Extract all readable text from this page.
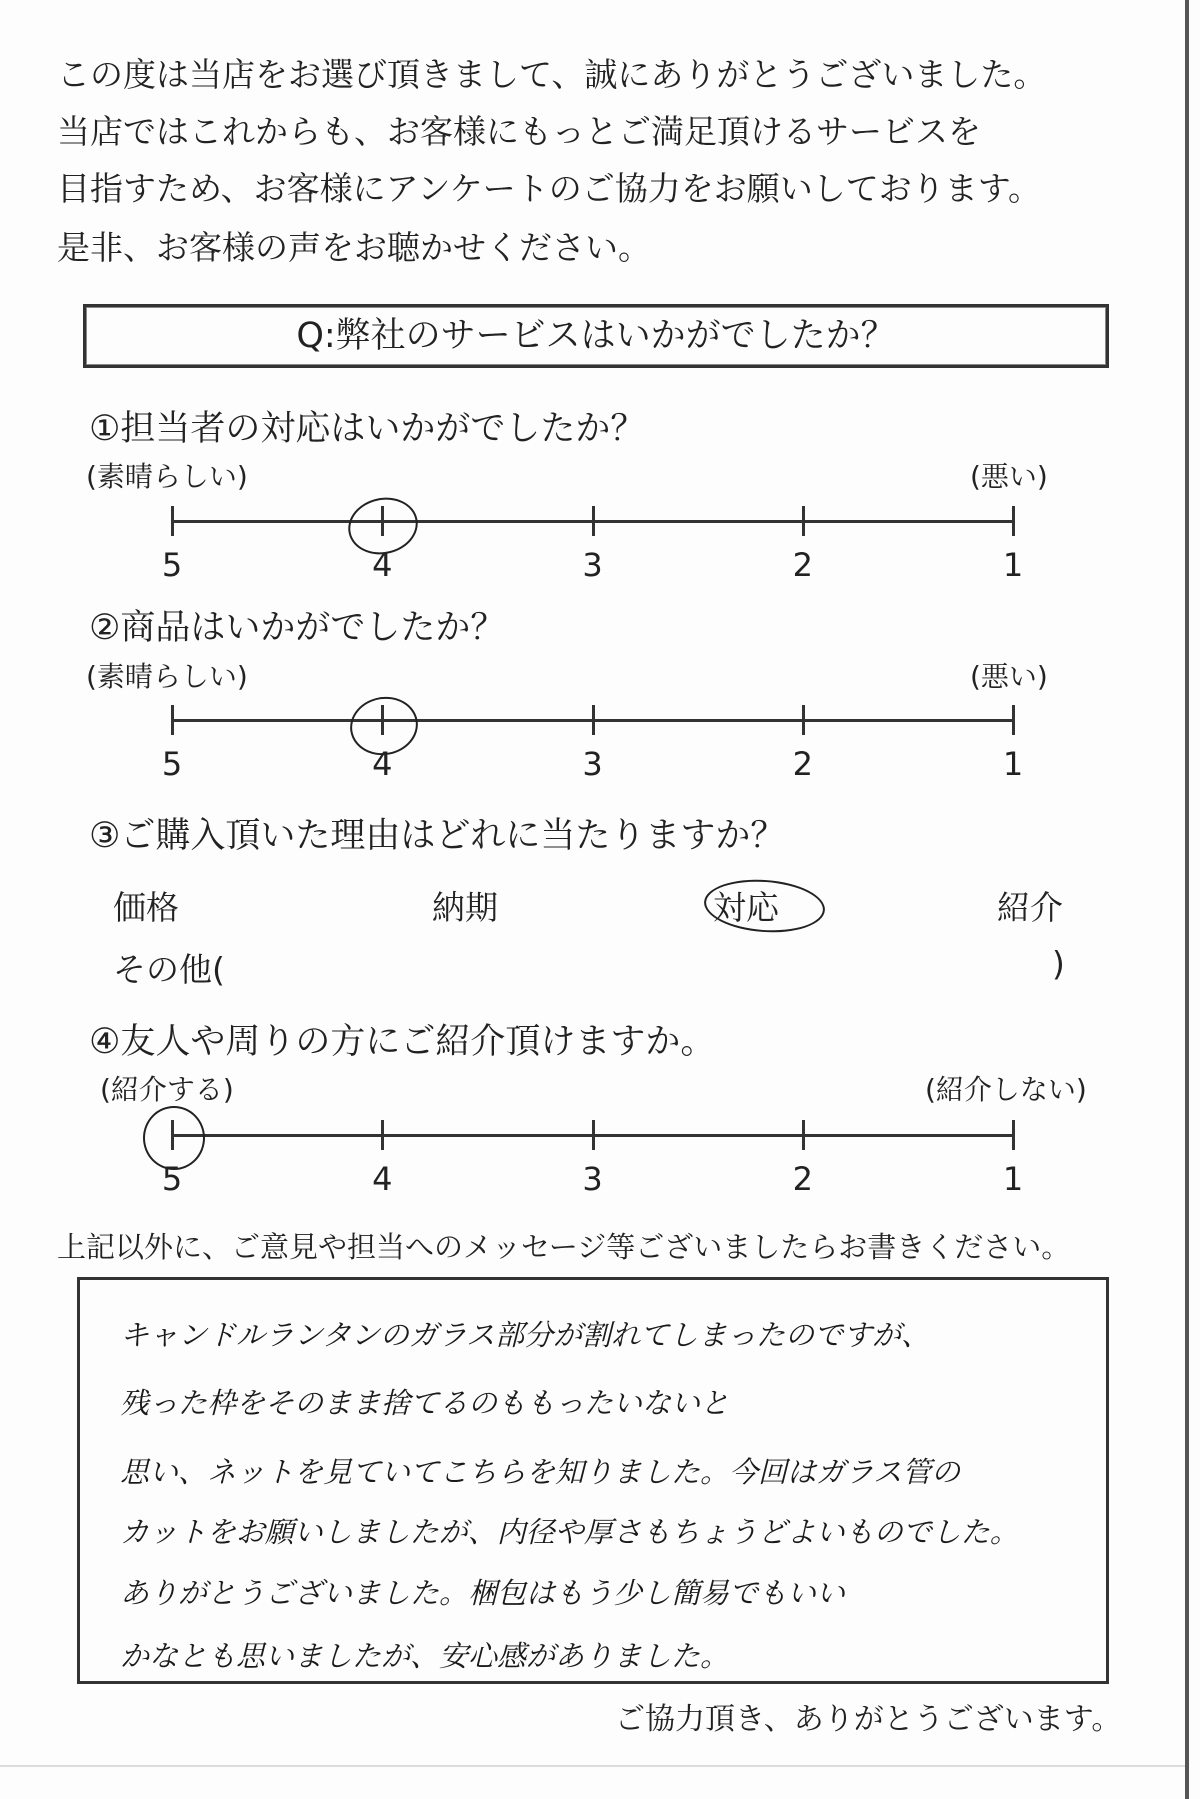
この度は当店をお選び頂きまして、誠にありがとうございました。
当店ではこれからも、お客様にもっとご満足頂けるサービスを
目指すため、お客様にアンケートのご協力をお願いしております。
是非、お客様の声をお聴かせください。
Q:弊社のサービスはいかがでしたか？
①担当者の対応はいかがでしたか？
(素晴らしい)	(悪い)
5	4	3	2	1
②商品はいかがでしたか？
(素晴らしい)	(悪い)
5	4	3	2	1
③ご購入頂いた理由はどれに当たりますか？
価格	納期	対応	紹介
その他(	)
④友人や周りの方にご紹介頂けますか。
(紹介する)	(紹介しない)
5	4	3	2	1
上記以外に、ご意見や担当へのメッセージ等ございましたらお書きください。
キャンドルランタンのガラス部分が割れてしまったのですが、
残った枠をそのまま捨てるのももったいないと
思い、ネットを見ていてこちらを知りました。今回はガラス管の
カットをお願いしましたが、内径や厚さもちょうどよいものでした。
ありがとうございました。梱包はもう少し簡易でもいい
かなとも思いましたが、安心感がありました。
ご協力頂き、ありがとうございます。
